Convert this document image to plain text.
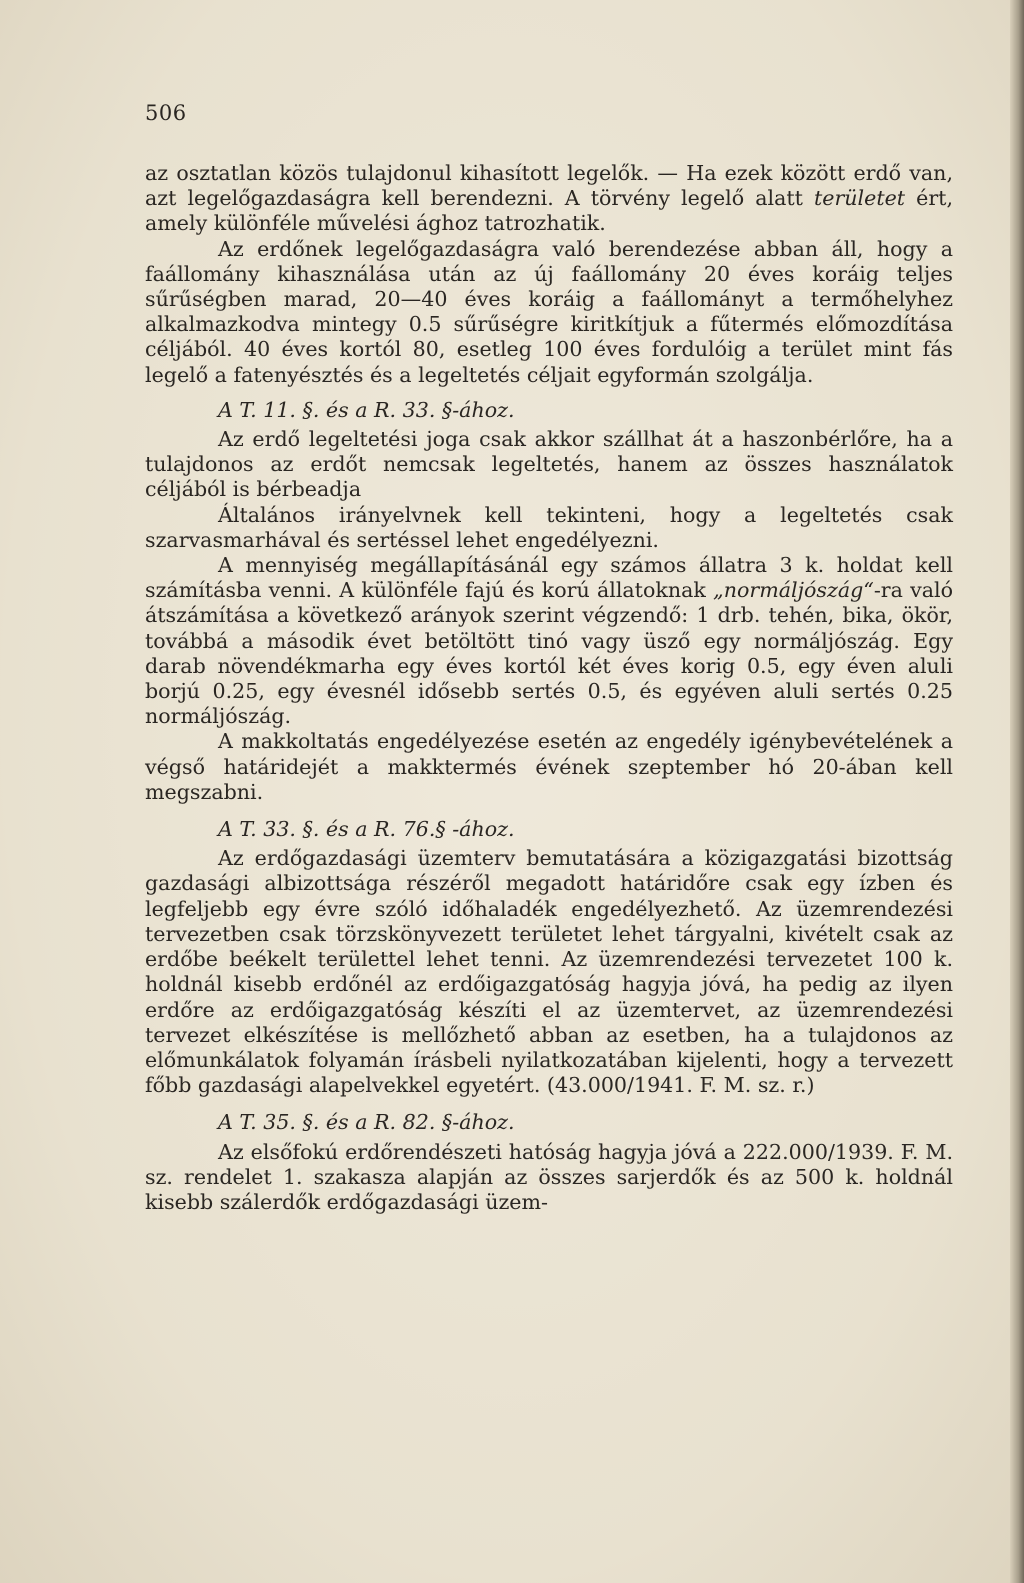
506

az osztatlan közös tulajdonul kihasított legelők. — Ha ezek között erdő van, azt legelőgazdaságra kell berendezni. A törvény legelő alatt területet ért, amely különféle művelési ághoz tatrozhatik.

Az erdőnek legelőgazdaságra való berendezése abban áll, hogy a faállomány kihasználása után az új faállomány 20 éves koráig teljes sűrűségben marad, 20—40 éves koráig a faállományt a termőhelyhez alkalmazkodva mintegy 0.5 sűrűségre kiritkítjuk a fűtermés előmozdítása céljából. 40 éves kortól 80, esetleg 100 éves fordulóig a terület mint fás legelő a fatenyésztés és a legeltetés céljait egyformán szolgálja.

A T. 11. §. és a R. 33. §-ához.

Az erdő legeltetési joga csak akkor szállhat át a haszonbérlőre, ha a tulajdonos az erdőt nemcsak legeltetés, hanem az összes használatok céljából is bérbeadja

Általános irányelvnek kell tekinteni, hogy a legeltetés csak szarvasmarhával és sertéssel lehet engedélyezni.

A mennyiség megállapításánál egy számos állatra 3 k. holdat kell számításba venni. A különféle fajú és korú állatoknak „normáljószág“-ra való átszámítása a következő arányok szerint végzendő: 1 drb. tehén, bika, ökör, továbbá a második évet betöltött tinó vagy üsző egy normáljószág. Egy darab növendékmarha egy éves kortól két éves korig 0.5, egy éven aluli borjú 0.25, egy évesnél idősebb sertés 0.5, és egyéven aluli sertés 0.25 normáljószág.

A makkoltatás engedélyezése esetén az engedély igénybevételének a végső határidejét a makktermés évének szeptember hó 20-ában kell megszabni.

A T. 33. §. és a R. 76.§ -ához.

Az erdőgazdasági üzemterv bemutatására a közigazgatási bizottság gazdasági albizottsága részéről megadott határidőre csak egy ízben és legfeljebb egy évre szóló időhaladék engedélyezhető. Az üzemrendezési tervezetben csak törzskönyvezett területet lehet tárgyalni, kivételt csak az erdőbe beékelt területtel lehet tenni. Az üzemrendezési tervezetet 100 k. holdnál kisebb erdőnél az erdőigazgatóság hagyja jóvá, ha pedig az ilyen erdőre az erdőigazgatóság készíti el az üzemtervet, az üzemrendezési tervezet elkészítése is mellőzhető abban az esetben, ha a tulajdonos az előmunkálatok folyamán írásbeli nyilatkozatában kijelenti, hogy a tervezett főbb gazdasági alapelvekkel egyetért. (43.000/1941. F. M. sz. r.)

A T. 35. §. és a R. 82. §-ához.

Az elsőfokú erdőrendészeti hatóság hagyja jóvá a 222.000/1939. F. M. sz. rendelet 1. szakasza alapján az összes sarjerdők és az 500 k. holdnál kisebb szálerdők erdőgazdasági üzem-
